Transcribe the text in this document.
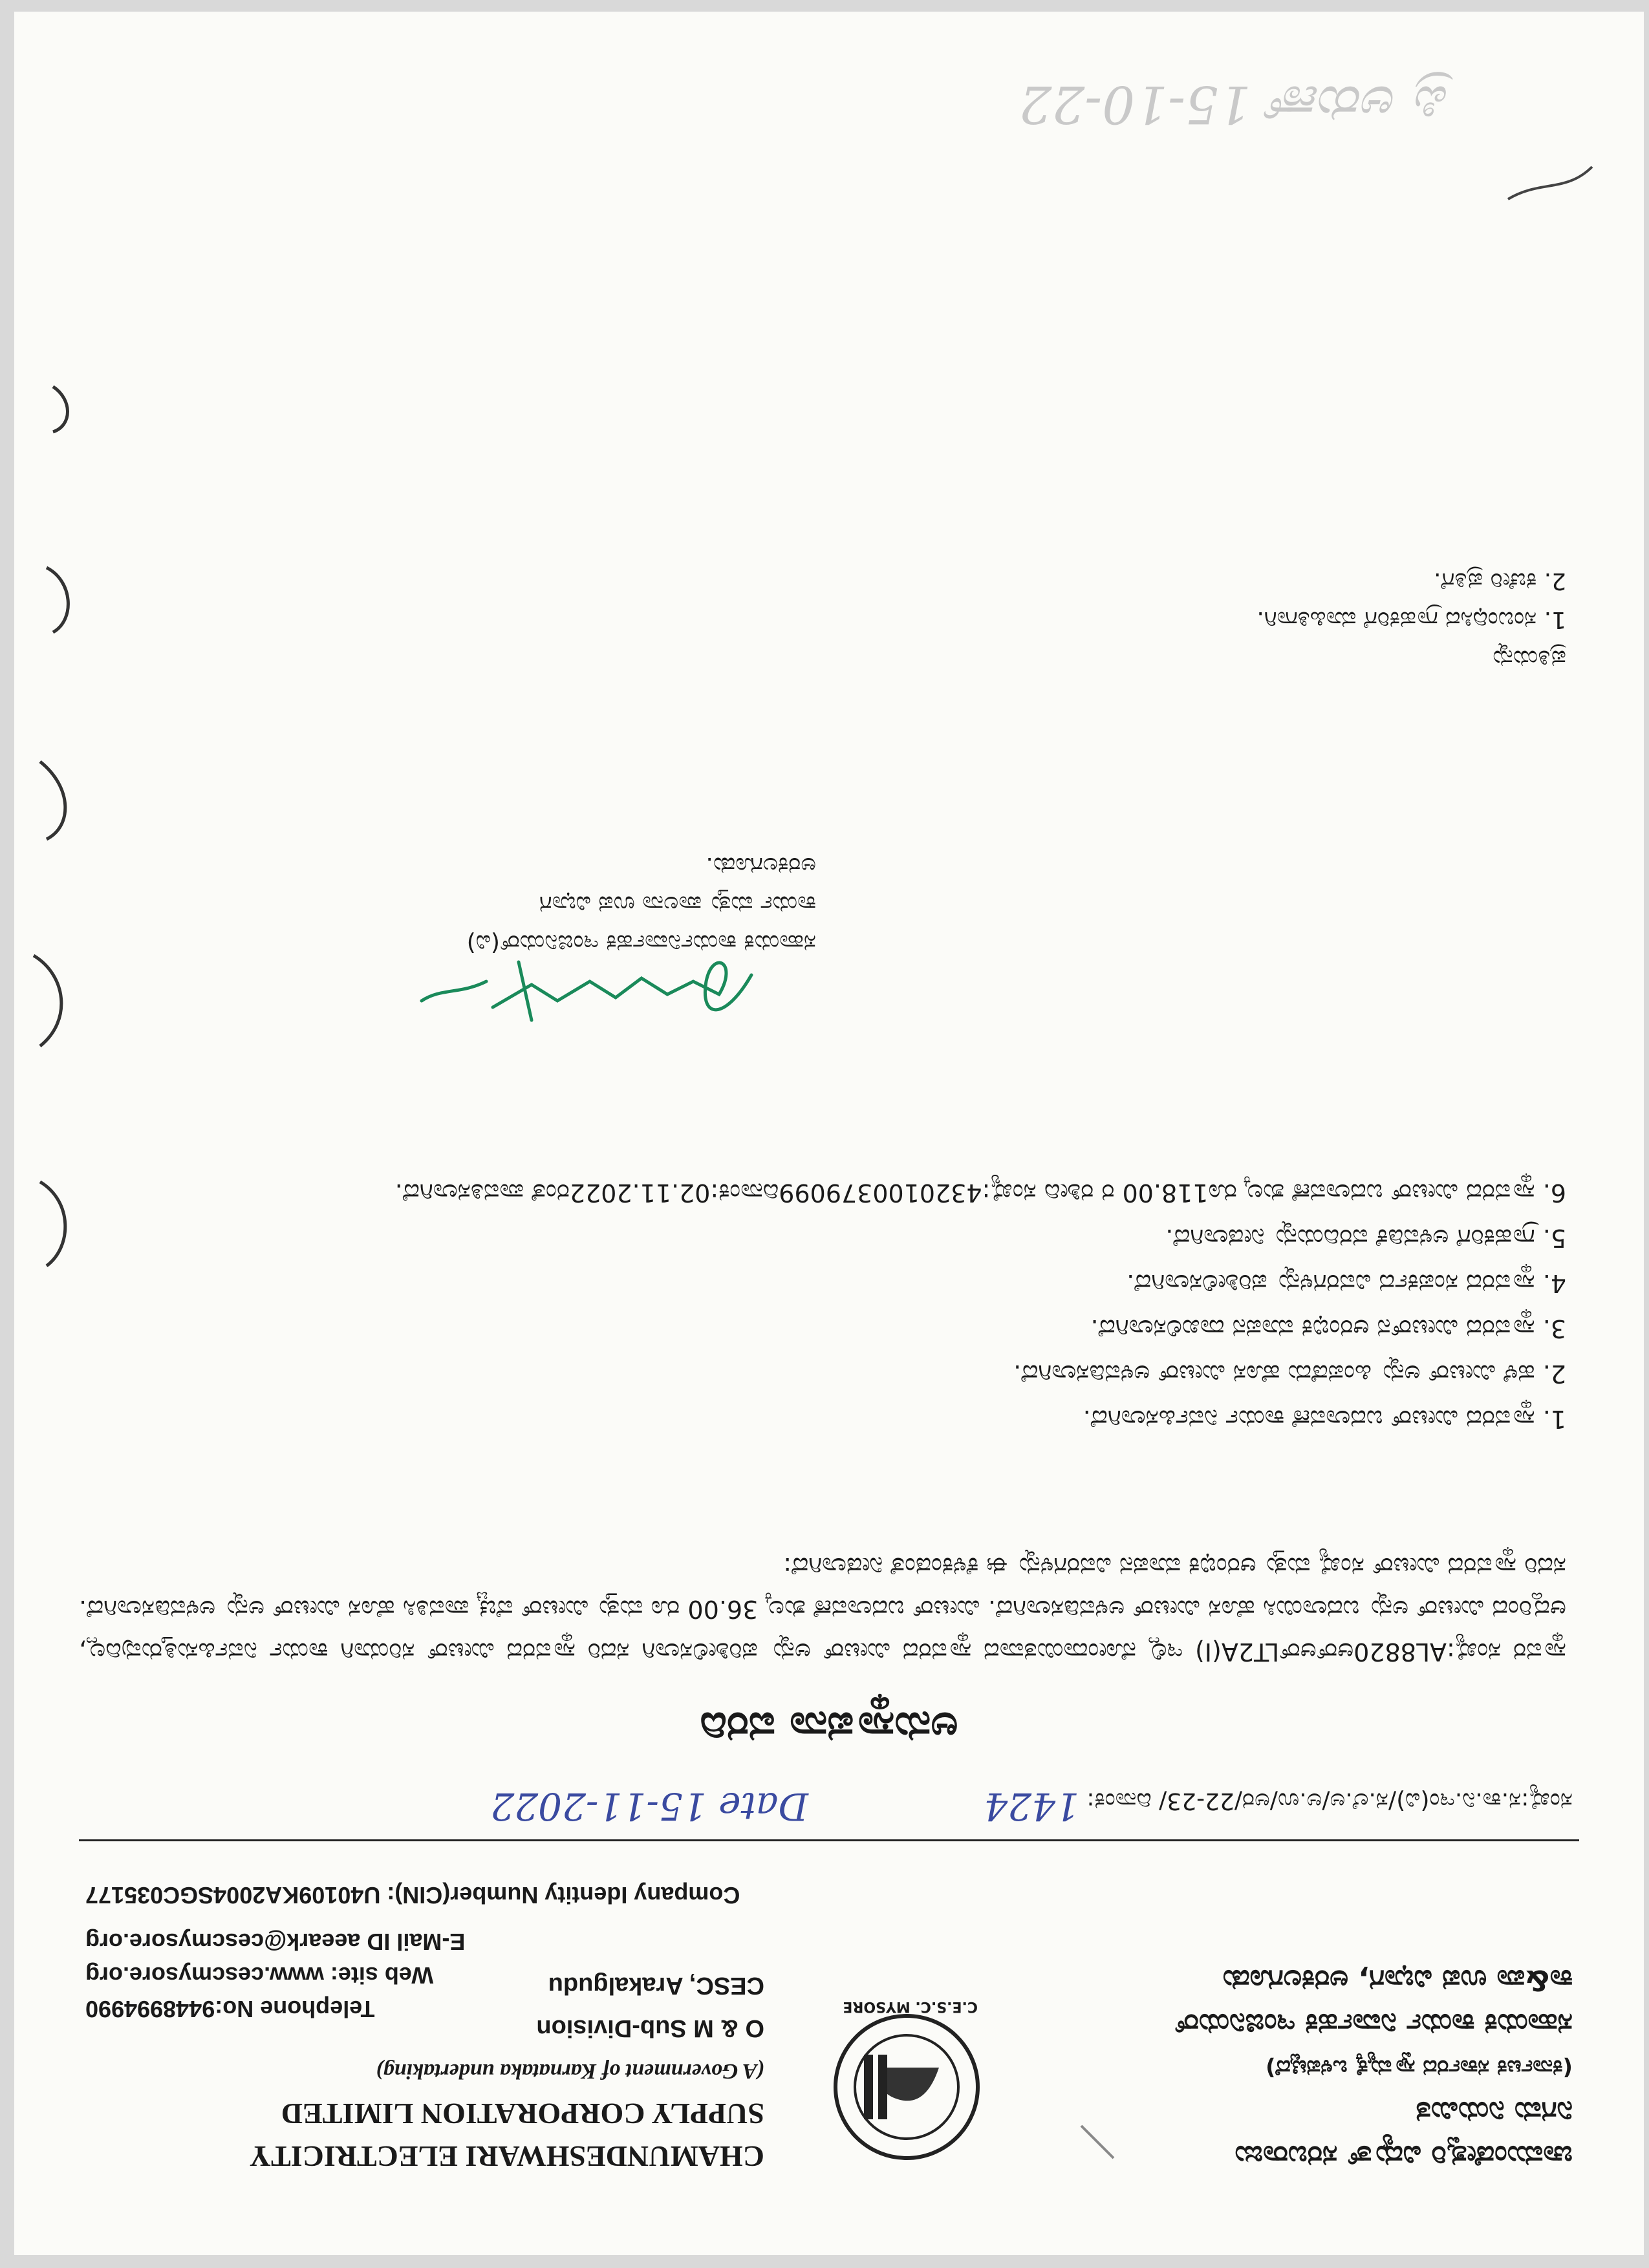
ಚಾಮುಂಡೇಶ್ವರಿ ವಿದ್ಯುತ್ ಸರಬರಾಜು
ನಿಗಮ ನಿಯಮಿತ
(ಕರ್ನಾಟಕ ಸರ್ಕಾರದ ಸ್ವಾಮ್ಯಕ್ಕೆ ಒಳಪಟ್ಟಿದೆ)
ಸಹಾಯಕ ಕಾರ್ಯ ನಿರ್ವಾಹಕ ಇಂಜಿನಿಯರ್
ಕಾ&ಪಾ ಉಪ ವಿಭಾಗ, ಅರಕಲಗೂಡು
C.E.S.C. MYSORE
CHAMUNDESHWARI ELECTRICITY
SUPPLY CORPORATION LIMITED
(A Government of Karnataka undertaking)
O & M Sub-Division
CESC, Arakalgudu
Telephone No:9448994990
Web site: www.cescmysore.org
E-Mail ID aeeark@cescmysore.org
Company Identity Number(CIN): U40109KA2004SGC035177
ಸಂಖ್ಯೆ:ಸ.ಕಾ.ನಿ.ಇಂ(ವಿ)/ಸ.ಲೆ.ಅ/ಅ.ಉ/ಅರ/22-23/ ದಿನಾಂಕ: 1424 Date 15-11-2022
ಅನುಸ್ಥಾಪನಾ ವರದಿ
ಸ್ಥಾವರ ಸಂಖ್ಯೆ:AL8820ಆರ್‌ಆರ್‌LT2A(I) ಇಲ್ಲಿ ನೋಂದಾಯಿತವಾದ ಸ್ಥಾವರದ ಮೀಟರ್ ಅನ್ನು ಪರಿಶೀಲಿಸಲಾಗಿ ಸದರಿ ಸ್ಥಾವರದ ಮೀಟರ್ ಸರಿಯಾಗಿ ಕಾರ್ಯ ನಿರ್ವಹಿಸುತ್ತಿರುವುದಿಲ್ಲ, ಆದ್ದರಿಂದ ಮೀಟರ್ ಅನ್ನು ಬದಲಾಯಿಸಿ ಹೊಸ ಮೀಟರ್ ಅಳವಡಿಸಲಾಗಿದೆ. ಮೀಟರ್ ಬದಲಾವಣೆ ಶುಲ್ಕ 36.00 ರೂ ಮತ್ತು ಮೀಟರ್ ವೆಚ್ಚ ಪಾವತಿಸಿ ಹೊಸ ಮೀಟರ್ ಅನ್ನು ಅಳವಡಿಸಲಾಗಿದೆ. ಸದರಿ ಸ್ಥಾವರದ ಮೀಟರ್ ಸಂಖ್ಯೆ ಮತ್ತು ಆರಂಭಿಕ ಮಾಪನ ವಿವರಗಳನ್ನು ಈ ಕೆಳಕಂಡಂತೆ ನೀಡಲಾಗಿದೆ:
1. ಸ್ಥಾವರದ ಮೀಟರ್ ಬದಲಾವಣೆ ಕಾರ್ಯ ನಿರ್ವಹಿಸಲಾಗಿದೆ.
2. ಹಳೆ ಮೀಟರ್ ಅನ್ನು ಹಿಂಪಡೆದು ಹೊಸ ಮೀಟರ್ ಅಳವಡಿಸಲಾಗಿದೆ.
3. ಸ್ಥಾವರದ ಮೀಟರ್‌ನ ಆರಂಭಿಕ ಮಾಪನ ದಾಖಲಿಸಲಾಗಿದೆ.
4. ಸ್ಥಾವರದ ಸಂಪರ್ಕದ ವಿವರಗಳನ್ನು ಪರಿಶೀಲಿಸಲಾಗಿದೆ.
5. ಗ್ರಾಹಕರಿಗೆ ಅಳವಡಿಕೆ ವರದಿಯನ್ನು ನೀಡಲಾಗಿದೆ.
6. ಸ್ಥಾವರದ ಮೀಟರ್ ಬದಲಾವಣೆ ಶುಲ್ಕ ರೂ118.00 ರ ರಶೀದಿ ಸಂಖ್ಯೆ:4320100379099ದಿನಾಂಕ:02.11.2022ರಂತೆ ಪಾವತಿಸಲಾಗಿದೆ.
ಸಹಾಯಕ ಕಾರ್ಯನಿರ್ವಾಹಕ ಇಂಜಿನಿಯರ್(ವಿ)
ಕಾರ್ಯ ಮತ್ತು ಪಾಲನಾ ಉಪ ವಿಭಾಗ
ಅರಕಲಗೂಡು.
ಪ್ರತಿಯನ್ನು
1. ಸಂಬಂಧಿಸಿದ ಗ್ರಾಹಕರಿಗೆ ಮಾಹಿತಿಗಾಗಿ.
2. ಕಚೇರಿ ಪ್ರತಿಗೆ.
ಪ್ರಿ ಅರುಣ್ 15-10-22
